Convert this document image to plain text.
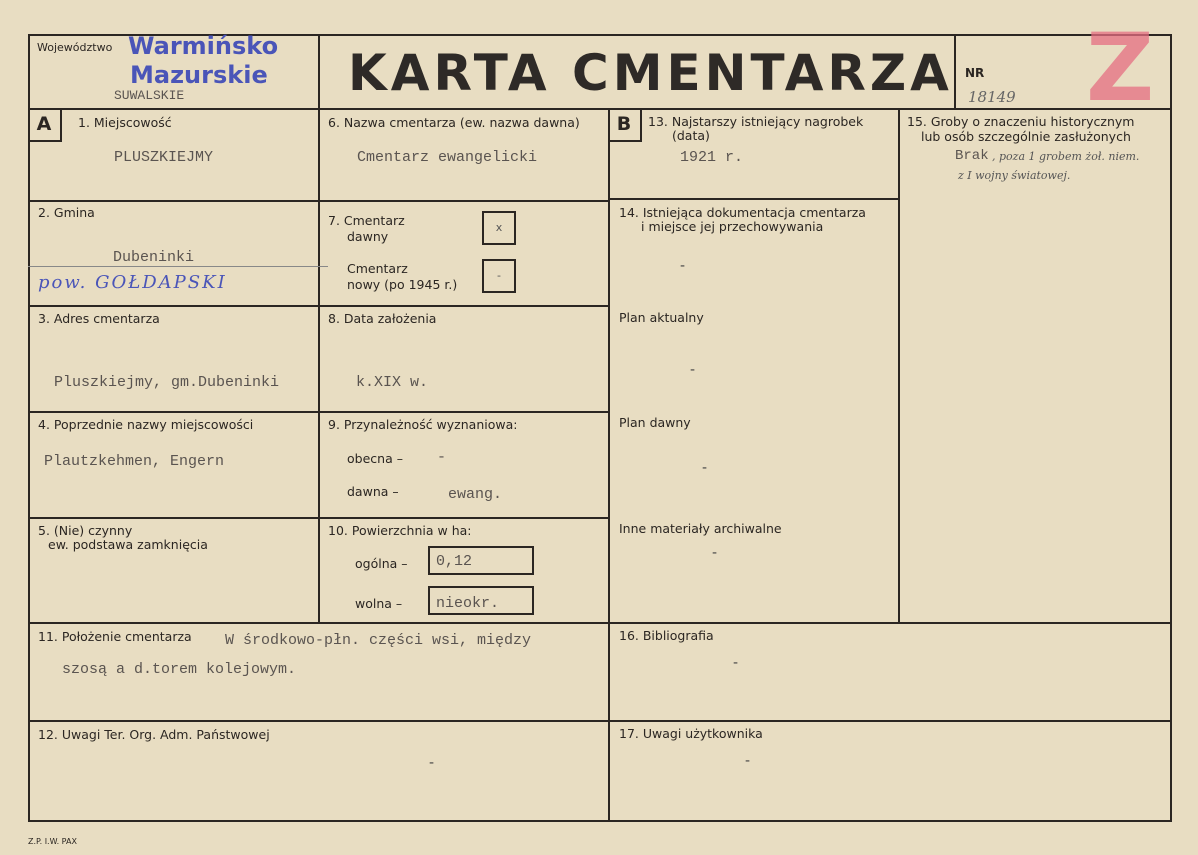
Województwo Warmińsko
Mazurskie
SUWALSKIE	KARTA CMENTARZA NR
18149 Z
A	B
1. Miejscowość
PLUSZKIEJMY
2. Gmina
Dubeninki
pow. GOŁDAPSKI
3. Adres cmentarza
Pluszkiejmy, gm.Dubeninki
4. Poprzednie nazwy miejscowości
Plautzkehmen, Engern
5. (Nie) czynny
ew. podstawa zamknięcia
6. Nazwa cmentarza (ew. nazwa dawna)
Cmentarz ewangelicki
7. Cmentarz
dawny
x
Cmentarz
nowy (po 1945 r.)
-
8. Data założenia
k.XIX w.
9. Przynależność wyznaniowa:
obecna – -
dawna –	ewang.
10. Powierzchnia w ha:
ogólna – 0,12
wolna – nieokr.
11. Położenie cmentarza W środkowo-płn. części wsi, między
szosą a d.torem kolejowym.
12. Uwagi Ter. Org. Adm. Państwowej
-
13. Najstarszy istniejący nagrobek
(data)
1921 r.
14. Istniejąca dokumentacja cmentarza
i miejsce jej przechowywania
-
Plan aktualny
-
Plan dawny
-
Inne materiały archiwalne
-
15. Groby o znaczeniu historycznym
lub osób szczególnie zasłużonych
Brak , poza 1 grobem żoł. niem.
z I wojny światowej.
16. Bibliografia
-
17. Uwagi użytkownika
-
Z.P. I.W. PAX
